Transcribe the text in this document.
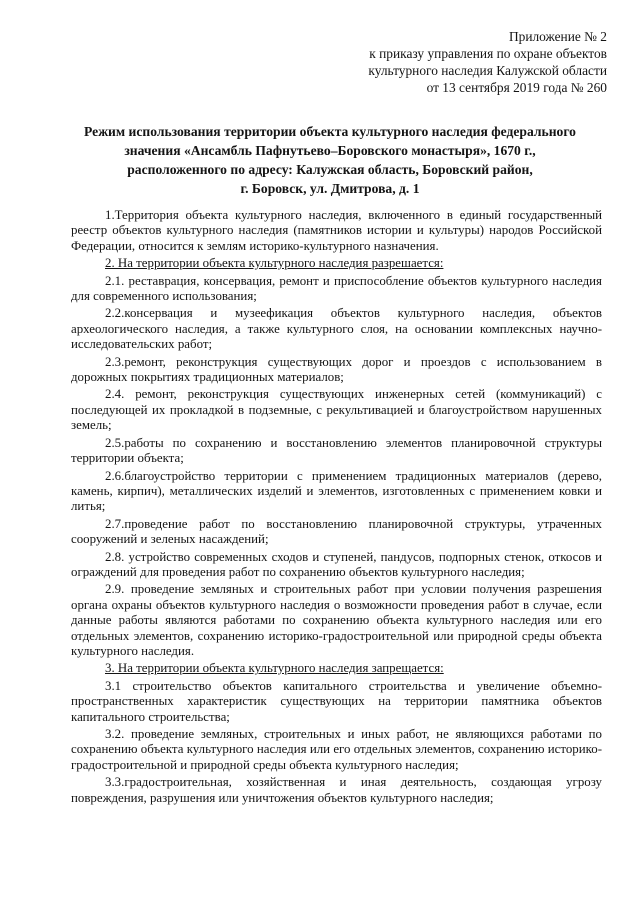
Приложение № 2
к приказу управления по охране объектов
культурного наследия Калужской области
от 13 сентября 2019 года № 260
Режим использования территории объекта культурного наследия федерального
значения «Ансамбль Пафнутьево–Боровского монастыря», 1670 г.,
расположенного по адресу: Калужская область, Боровский район,
г. Боровск, ул. Дмитрова, д. 1

1.Территория объекта культурного наследия, включенного в единый государственный реестр объектов культурного наследия (памятников истории и культуры) народов Российской Федерации, относится к землям историко-культурного назначения.

2. На территории объекта культурного наследия разрешается:

2.1. реставрация, консервация, ремонт и приспособление объектов культурного наследия для современного использования;

2.2.консервация и музеефикация объектов культурного наследия, объектов археологического наследия, а также культурного слоя, на основании комплексных научно-исследовательских работ;

2.3.ремонт, реконструкция существующих дорог и проездов с использованием в дорожных покрытиях традиционных материалов;

2.4. ремонт, реконструкция существующих инженерных сетей (коммуникаций) с последующей их прокладкой в подземные, с рекультивацией и благоустройством нарушенных земель;

2.5.работы по сохранению и восстановлению элементов планировочной структуры территории объекта;

2.6.благоустройство территории с применением традиционных материалов (дерево, камень, кирпич), металлических изделий и элементов, изготовленных с применением ковки и литья;

2.7.проведение работ по восстановлению планировочной структуры, утраченных сооружений и зеленых насаждений;

2.8. устройство современных сходов и ступеней, пандусов, подпорных стенок, откосов и ограждений для проведения работ по сохранению объектов культурного наследия;

2.9. проведение земляных и строительных работ при условии получения разрешения органа охраны объектов культурного наследия о возможности проведения работ в случае, если данные работы являются работами по сохранению объекта культурного наследия или его отдельных элементов, сохранению историко-градостроительной или природной среды объекта культурного наследия.

3. На территории объекта культурного наследия запрещается:

3.1 строительство объектов капитального строительства и увеличение объемно-пространственных характеристик существующих на территории памятника объектов капитального строительства;

3.2. проведение земляных, строительных и иных работ, не являющихся работами по сохранению объекта культурного наследия или его отдельных элементов, сохранению историко-градостроительной и природной среды объекта культурного наследия;

3.3.градостроительная, хозяйственная и иная деятельность, создающая угрозу повреждения, разрушения или уничтожения объектов культурного наследия;
